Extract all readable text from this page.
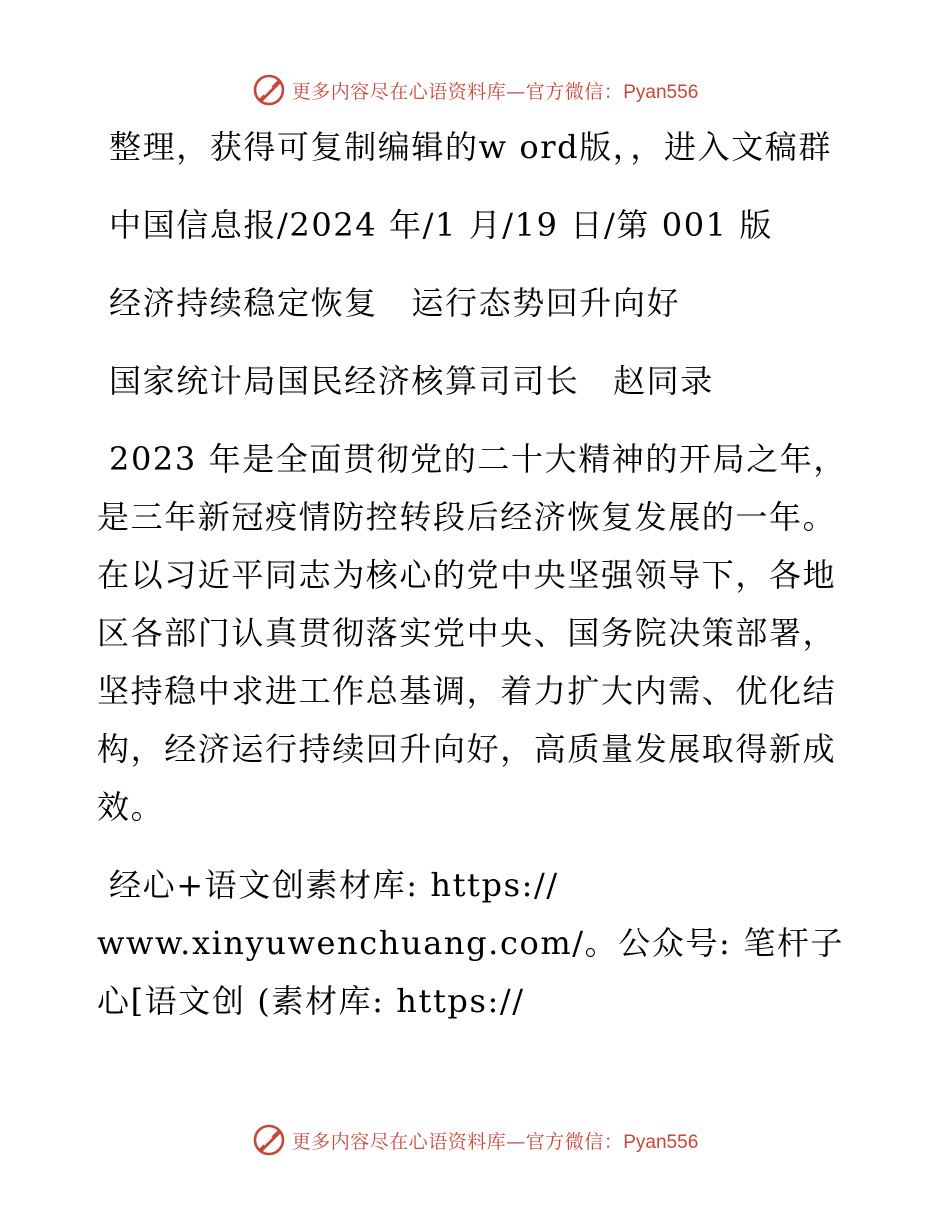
更多内容尽在心语资料库—官方微信：Pyan556

整理，获得可复制编辑的w ord版，，进入文稿群

中国信息报/2024 年/1 月/19 日/第 001 版

经济持续稳定恢复　运行态势回升向好

国家统计局国民经济核算司司长　赵同录

2023 年是全面贯彻党的二十大精神的开局之年，是三年新冠疫情防控转段后经济恢复发展的一年。在以习近平同志为核心的党中央坚强领导下，各地区各部门认真贯彻落实党中央、国务院决策部署，坚持稳中求进工作总基调，着力扩大内需、优化结构，经济运行持续回升向好，高质量发展取得新成效。

经心+语文创素材库: https://

www.xinyuwenchuang.com/。公众号: 笔杆子心[语文创 (素材库: https://

更多内容尽在心语资料库—官方微信：Pyan556
